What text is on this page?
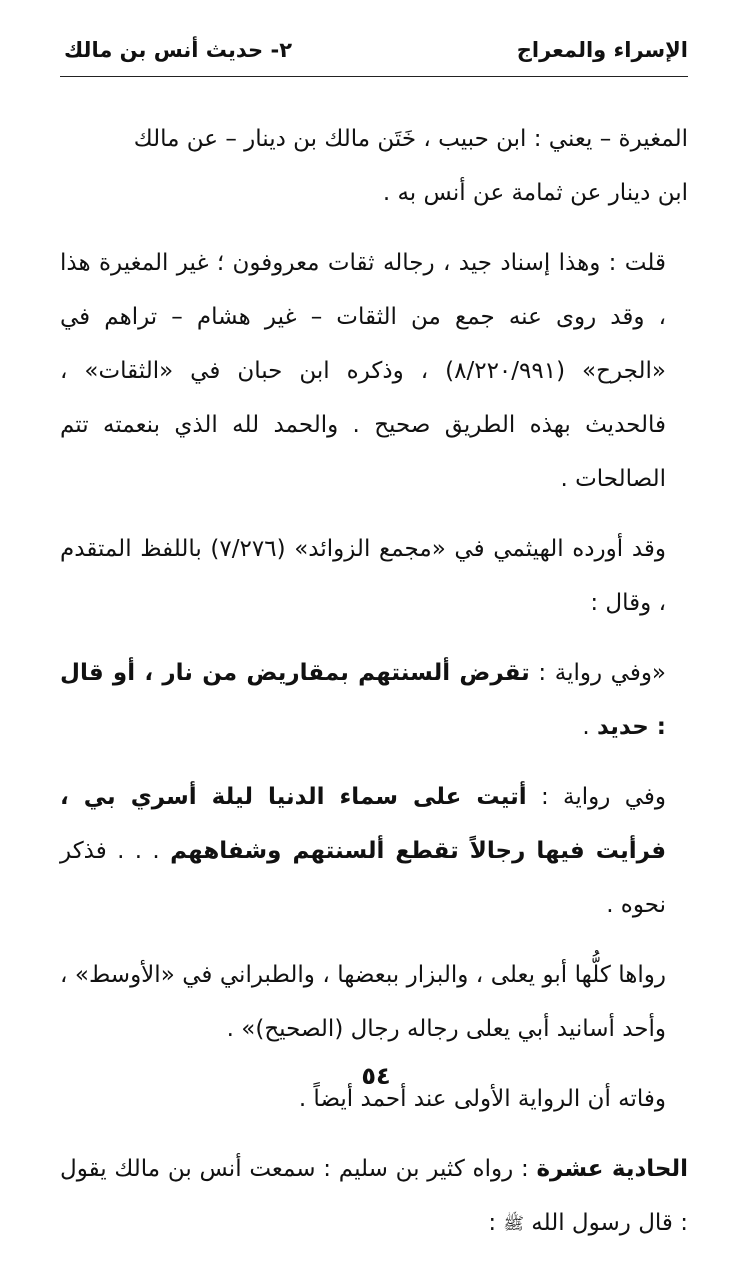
الإسراء والمعراج
٢- حديث أنس بن مالك

المغيرة – يعني : ابن حبيب ، خَتَن مالك بن دينار – عن مالك
ابن دينار عن ثمامة عن أنس به .

قلت : وهذا إسناد جيد ، رجاله ثقات معروفون ؛ غير المغيرة هذا ، وقد روى عنه جمع من الثقات – غير هشام – تراهم في «الجرح» (٨/٢٢٠/٩٩١) ، وذكره ابن حبان في «الثقات» ، فالحديث بهذه الطريق صحيح . والحمد لله الذي بنعمته تتم الصالحات .

وقد أورده الهيثمي في «مجمع الزوائد» (٧/٢٧٦) باللفظ المتقدم ، وقال :

«وفي رواية : تقرض ألسنتهم بمقاريض من نار ، أو قال : حديد .

وفي رواية : أتيت على سماء الدنيا ليلة أسري بي ، فرأيت فيها رجالاً تقطع ألسنتهم وشفاههم . . . فذكر نحوه .

رواها كلُّها أبو يعلى ، والبزار ببعضها ، والطبراني في «الأوسط» ، وأحد أسانيد أبي يعلى رجاله رجال (الصحيح)» .

وفاته أن الرواية الأولى عند أحمد أيضاً .

الحادية عشرة : رواه كثير بن سليم : سمعت أنس بن مالك يقول : قال رسول الله ﷺ :

٥٤
